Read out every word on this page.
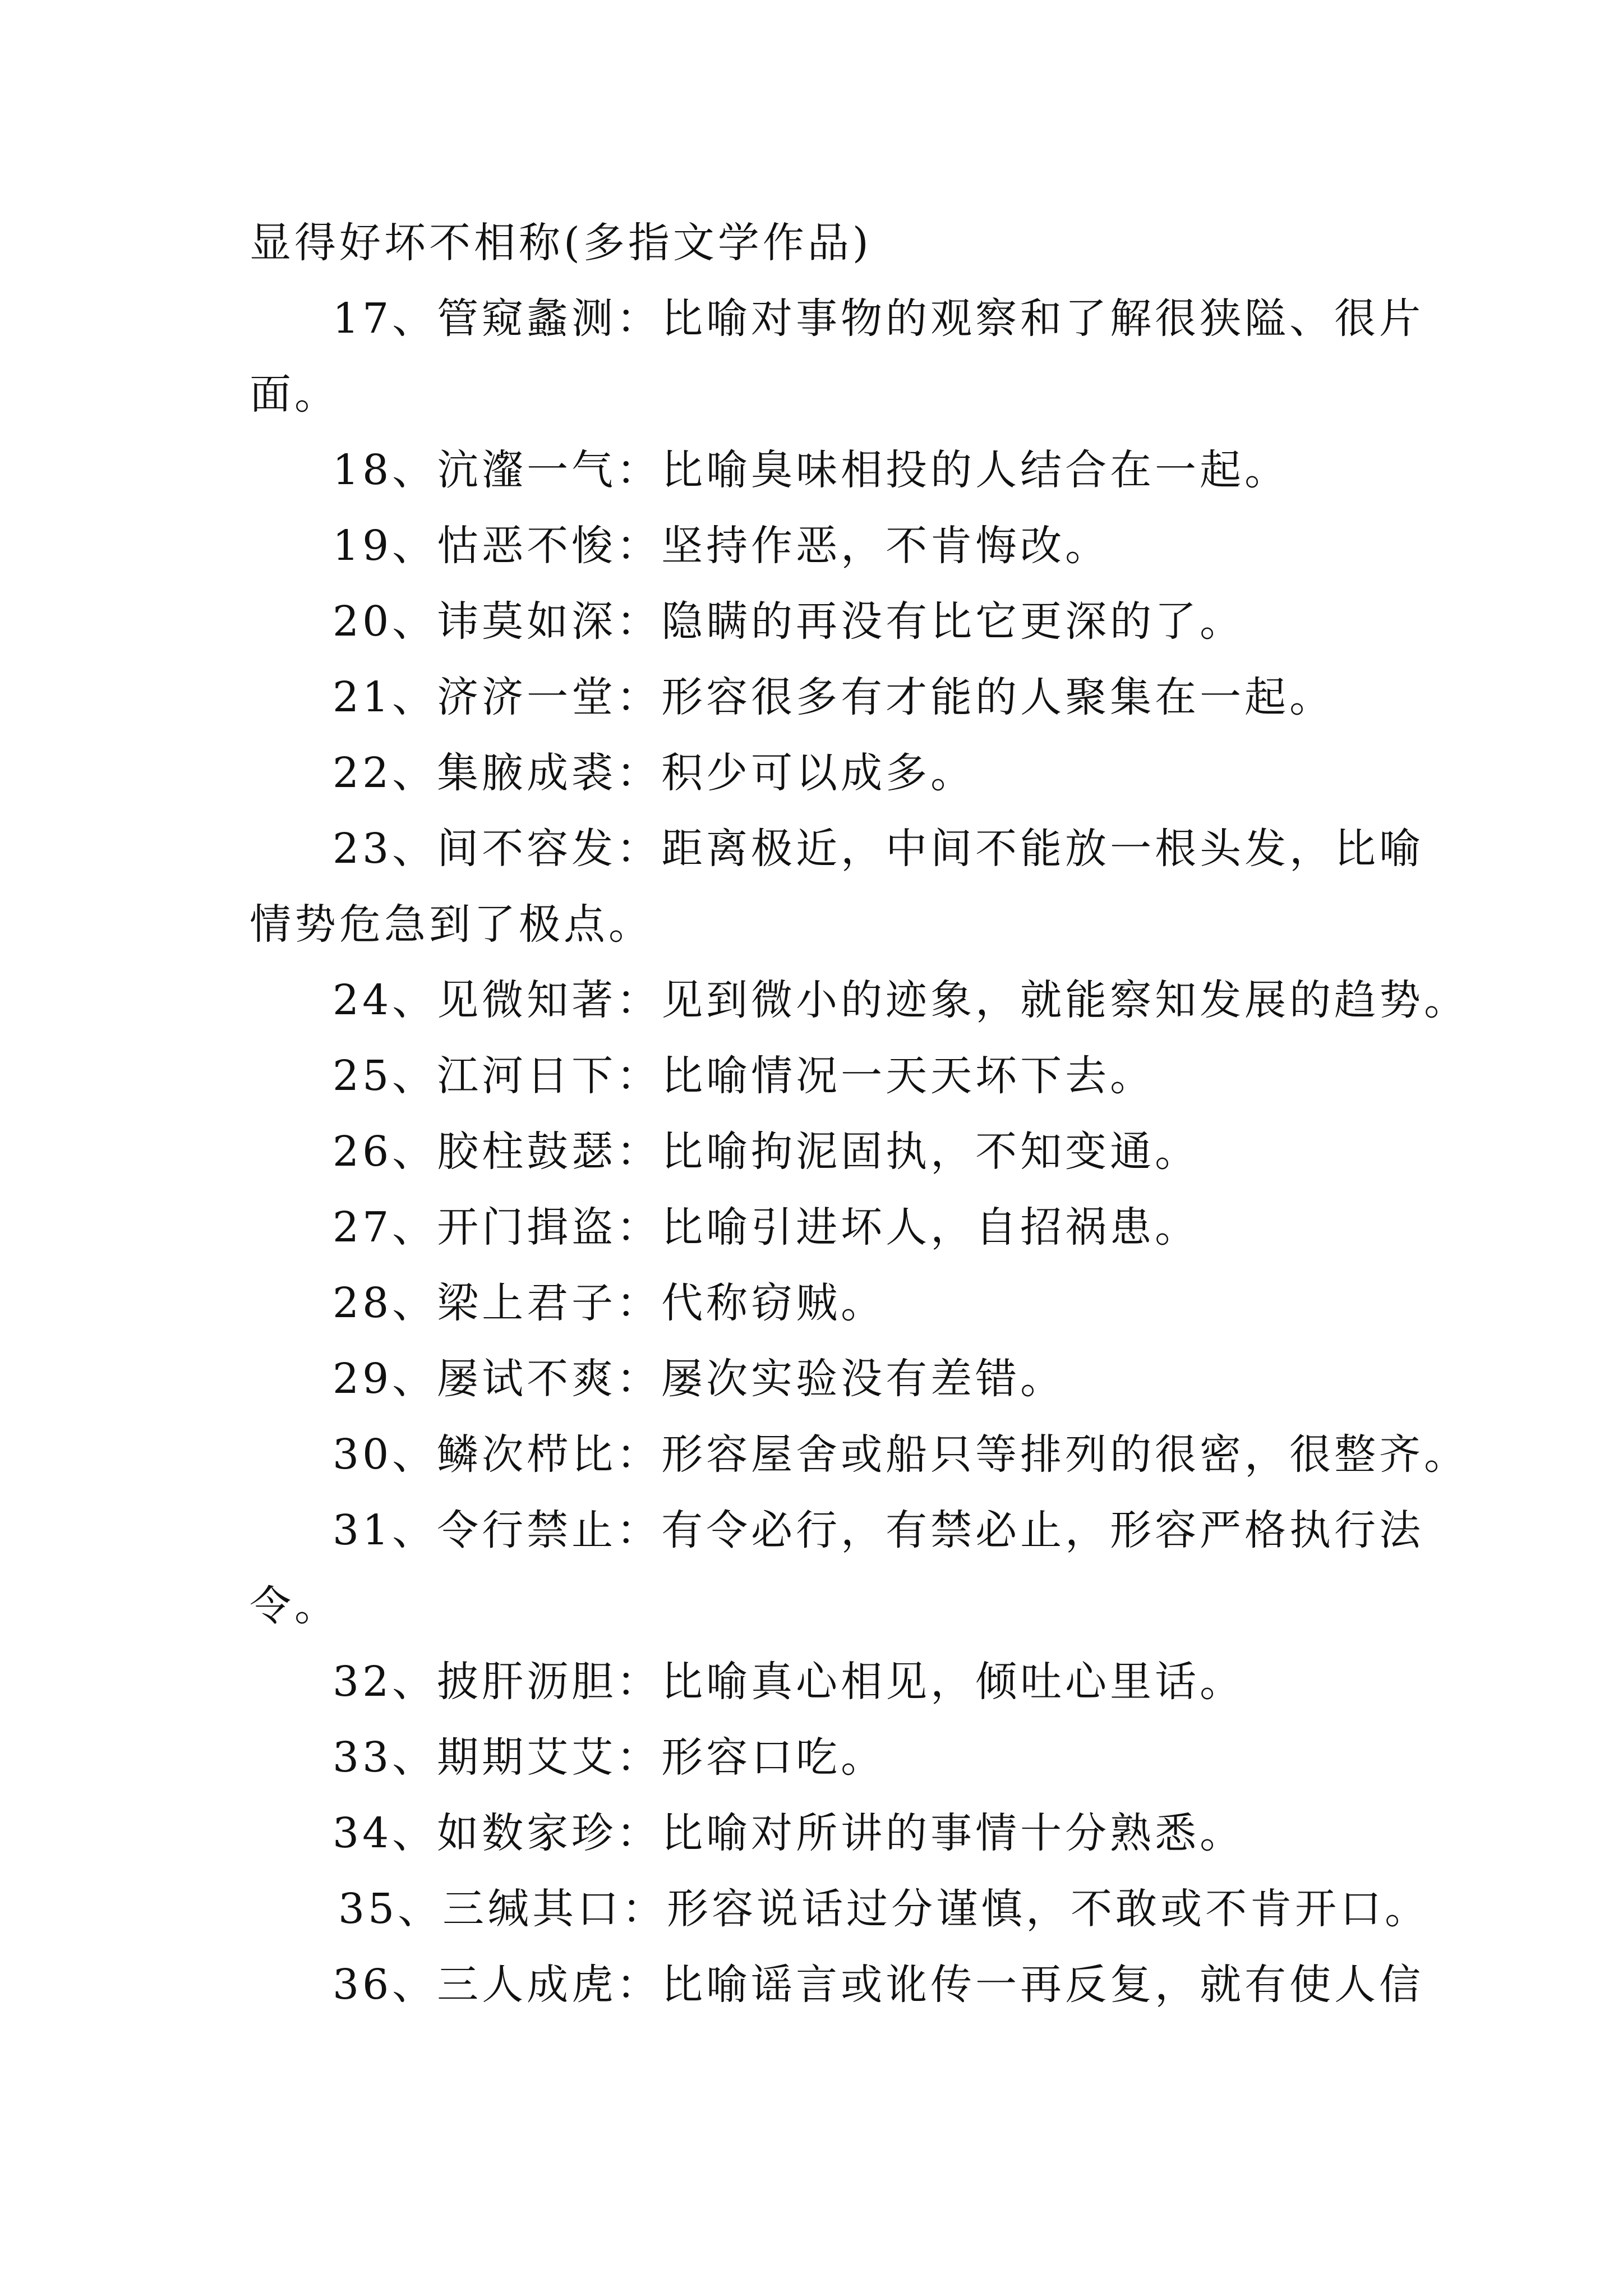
显得好坏不相称(多指文学作品)
17、管窥蠡测：比喻对事物的观察和了解很狭隘、很片
面。
18、沆瀣一气：比喻臭味相投的人结合在一起。
19、怙恶不悛：坚持作恶，不肯悔改。
20、讳莫如深：隐瞒的再没有比它更深的了。
21、济济一堂：形容很多有才能的人聚集在一起。
22、集腋成裘：积少可以成多。
23、间不容发：距离极近，中间不能放一根头发，比喻
情势危急到了极点。
24、见微知著：见到微小的迹象，就能察知发展的趋势。
25、江河日下：比喻情况一天天坏下去。
26、胶柱鼓瑟：比喻拘泥固执，不知变通。
27、开门揖盗：比喻引进坏人，自招祸患。
28、梁上君子：代称窃贼。
29、屡试不爽：屡次实验没有差错。
30、鳞次栉比：形容屋舍或船只等排列的很密，很整齐。
31、令行禁止：有令必行，有禁必止，形容严格执行法
令。
32、披肝沥胆：比喻真心相见，倾吐心里话。
33、期期艾艾：形容口吃。
34、如数家珍：比喻对所讲的事情十分熟悉。
35、三缄其口：形容说话过分谨慎，不敢或不肯开口。
36、三人成虎：比喻谣言或讹传一再反复，就有使人信
